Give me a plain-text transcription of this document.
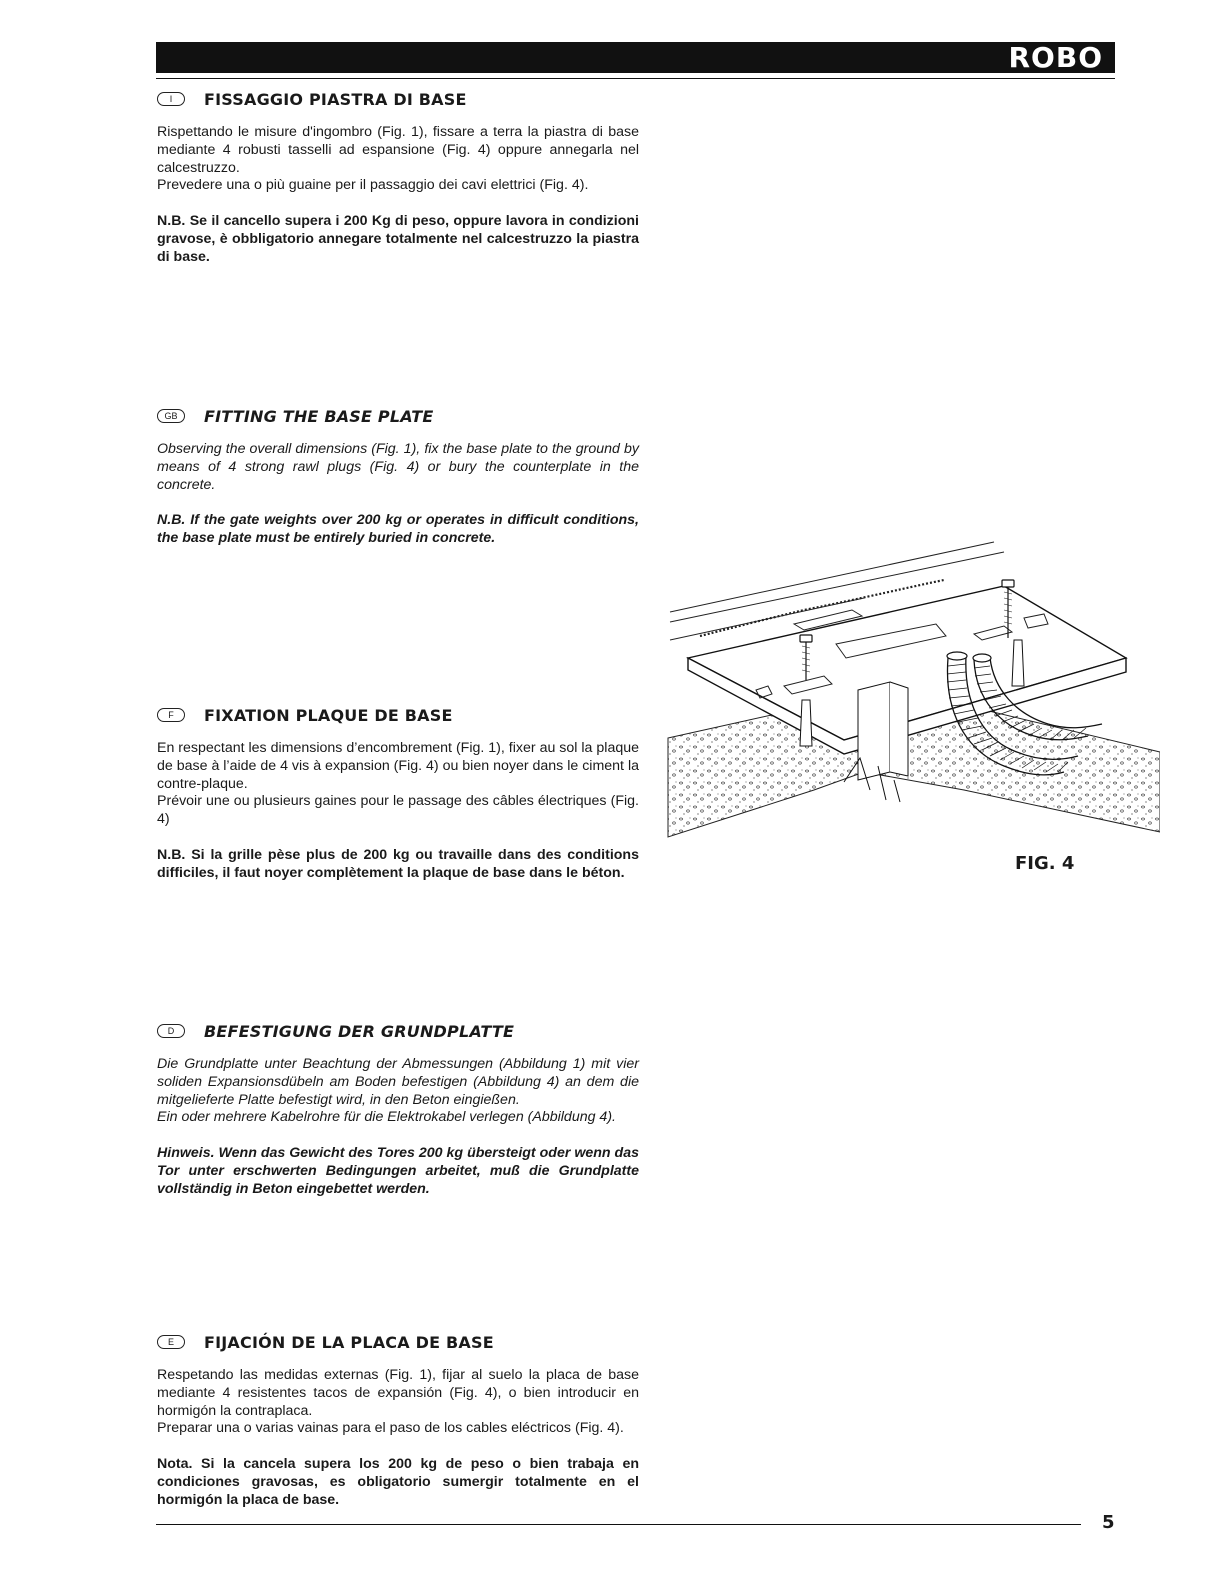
ROBO
I	FISSAGGIO PIASTRA DI BASE

Rispettando le misure d'ingombro (Fig. 1), fissare a terra la piastra di base mediante 4 robusti tasselli ad espansione (Fig. 4) oppure annegarla nel calcestruzzo.

Prevedere una o più guaine per il passaggio dei cavi elettrici (Fig. 4).

N.B. Se il cancello supera i 200 Kg di peso, oppure lavora in condizioni gravose, è obbligatorio annegare totalmente nel calcestruzzo la piastra di base.
GB	FITTING THE BASE PLATE

Observing the overall dimensions (Fig. 1), fix the base plate to the ground by means of 4 strong rawl plugs (Fig. 4) or bury the counterplate in the concrete.

N.B. If the gate weights over 200 kg or operates in difficult conditions, the base plate must be entirely buried in concrete.
F	FIXATION PLAQUE DE BASE

En respectant les dimensions d’encombrement (Fig. 1), fixer au sol la plaque de base à l’aide de 4 vis à expansion (Fig. 4) ou bien noyer dans le ciment la contre-plaque.

Prévoir une ou plusieurs gaines pour le passage des câbles électriques (Fig. 4)

N.B. Si la grille pèse plus de 200 kg ou travaille dans des conditions difficiles, il faut noyer complètement la plaque de base dans le béton.
D	BEFESTIGUNG DER GRUNDPLATTE

Die Grundplatte unter Beachtung der Abmessungen (Abbildung 1) mit vier soliden Expansionsdübeln am Boden befestigen (Abbildung 4) an dem die mitgelieferte Platte befestigt wird, in den Beton eingießen.

Ein oder mehrere Kabelrohre für die Elektrokabel verlegen (Abbildung 4).

Hinweis. Wenn das Gewicht des Tores 200 kg übersteigt oder wenn das Tor unter erschwerten Bedingungen arbeitet, muß die Grundplatte vollständig in Beton eingebettet werden.
E	FIJACIÓN DE LA PLACA DE BASE

Respetando las medidas externas (Fig. 1), fijar al suelo la placa de base mediante 4 resistentes tacos de expansión (Fig. 4), o bien introducir en hormigón la contraplaca.

Preparar una o varias vainas para el paso de los cables eléctricos (Fig. 4).

Nota. Si la cancela supera los 200 kg de peso o bien trabaja en condiciones gravosas, es obligatorio sumergir totalmente en el hormigón la placa de base.
FIG. 4
5
